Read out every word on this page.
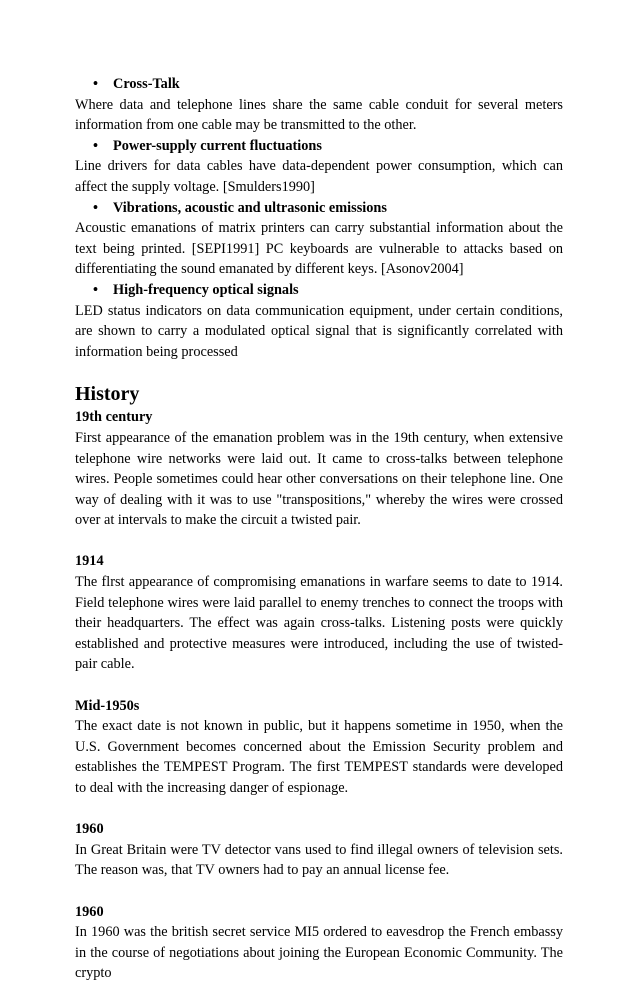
• Cross-Talk

Where data and telephone lines share the same cable conduit for several meters information from one cable may be transmitted to the other.

• Power-supply current fluctuations

Line drivers for data cables have data-dependent power consumption, which can affect the supply voltage. [Smulders1990]

• Vibrations, acoustic and ultrasonic emissions

Acoustic emanations of matrix printers can carry substantial information about the text being printed. [SEPI1991] PC keyboards are vulnerable to attacks based on differentiating the sound emanated by different keys. [Asonov2004]

• High-frequency optical signals

LED status indicators on data communication equipment, under certain conditions, are shown to carry a modulated optical signal that is significantly correlated with information being processed

History
19th century

First appearance of the emanation problem was in the 19th century, when extensive telephone wire networks were laid out. It came to cross-talks between telephone wires. People sometimes could hear other conversations on their telephone line. One way of dealing with it was to use "transpositions," whereby the wires were crossed over at intervals to make the circuit a twisted pair.

1914

The flrst appearance of compromising emanations in warfare seems to date to 1914. Field telephone wires were laid parallel to enemy trenches to connect the troops with their headquarters. The effect was again cross-talks. Listening posts were quickly established and protective measures were introduced, including the use of twisted-pair cable.

Mid-1950s

The exact date is not known in public, but it happens sometime in 1950, when the U.S. Government becomes concerned about the Emission Security problem and establishes the TEMPEST Program. The first TEMPEST standards were developed to deal with the increasing danger of espionage.

1960

In Great Britain were TV detector vans used to find illegal owners of television sets. The reason was, that TV owners had to pay an annual license fee.

1960

In 1960 was the british secret service MI5 ordered to eavesdrop the French embassy in the course of negotiations about joining the European Economic Community. The crypto
